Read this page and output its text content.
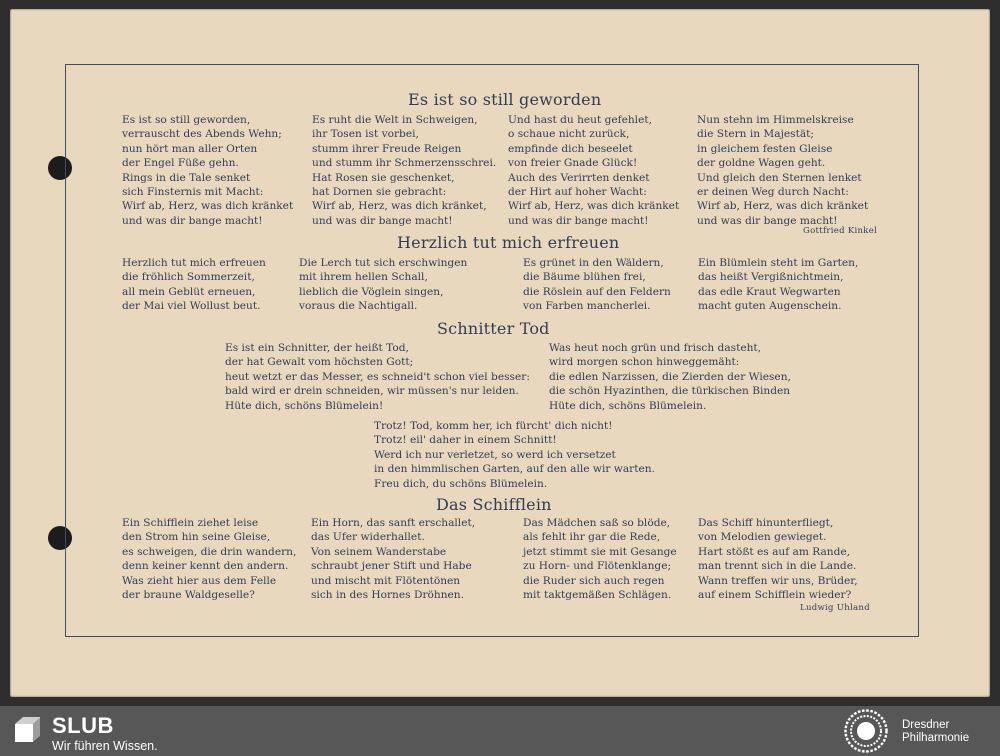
Es ist so still geworden
Es ist so still geworden,
verrauscht des Abends Wehn;
nun hört man aller Orten
der Engel Füße gehn.
Rings in die Tale senket
sich Finsternis mit Macht:
Wirf ab, Herz, was dich kränket
und was dir bange macht!
Es ruht die Welt in Schweigen,
ihr Tosen ist vorbei,
stumm ihrer Freude Reigen
und stumm ihr Schmerzensschrei.
Hat Rosen sie geschenket,
hat Dornen sie gebracht:
Wirf ab, Herz, was dich kränket,
und was dir bange macht!
Und hast du heut gefehlet,
o schaue nicht zurück,
empfinde dich beseelet
von freier Gnade Glück!
Auch des Verirrten denket
der Hirt auf hoher Wacht:
Wirf ab, Herz, was dich kränket
und was dir bange macht!
Nun stehn im Himmelskreise
die Stern in Majestät;
in gleichem festen Gleise
der goldne Wagen geht.
Und gleich den Sternen lenket
er deinen Weg durch Nacht:
Wirf ab, Herz, was dich kränket
und was dir bange macht!
Gottfried Kinkel
Herzlich tut mich erfreuen
Herzlich tut mich erfreuen
die fröhlich Sommerzeit,
all mein Geblüt erneuen,
der Mai viel Wollust beut.
Die Lerch tut sich erschwingen
mit ihrem hellen Schall,
lieblich die Vöglein singen,
voraus die Nachtigall.
Es grünet in den Wäldern,
die Bäume blühen frei,
die Röslein auf den Feldern
von Farben mancherlei.
Ein Blümlein steht im Garten,
das heißt Vergißnichtmein,
das edle Kraut Wegwarten
macht guten Augenschein.
Schnitter Tod
Es ist ein Schnitter, der heißt Tod,
der hat Gewalt vom höchsten Gott;
heut wetzt er das Messer, es schneid't schon viel besser:
bald wird er drein schneiden, wir müssen's nur leiden.
Hüte dich, schöns Blümelein!
Was heut noch grün und frisch dasteht,
wird morgen schon hinweggemäht:
die edlen Narzissen, die Zierden der Wiesen,
die schön Hyazinthen, die türkischen Binden
Hüte dich, schöns Blümelein.
Trotz! Tod, komm her, ich fürcht' dich nicht!
Trotz! eil' daher in einem Schnitt!
Werd ich nur verletzet, so werd ich versetzet
in den himmlischen Garten, auf den alle wir warten.
Freu dich, du schöns Blümelein.
Das Schifflein
Ein Schifflein ziehet leise
den Strom hin seine Gleise,
es schweigen, die drin wandern,
denn keiner kennt den andern.
Was zieht hier aus dem Felle
der braune Waldgeselle?
Ein Horn, das sanft erschallet,
das Ufer widerhallet.
Von seinem Wanderstabe
schraubt jener Stift und Habe
und mischt mit Flötentönen
sich in des Hornes Dröhnen.
Das Mädchen saß so blöde,
als fehlt ihr gar die Rede,
jetzt stimmt sie mit Gesange
zu Horn- und Flötenklange;
die Ruder sich auch regen
mit taktgemäßen Schlägen.
Das Schiff hinunterfliegt,
von Melodien gewieget.
Hart stößt es auf am Rande,
man trennt sich in die Lande.
Wann treffen wir uns, Brüder,
auf einem Schifflein wieder?
Ludwig Uhland
SLUB
Wir führen Wissen.
Dresdner
Philharmonie
